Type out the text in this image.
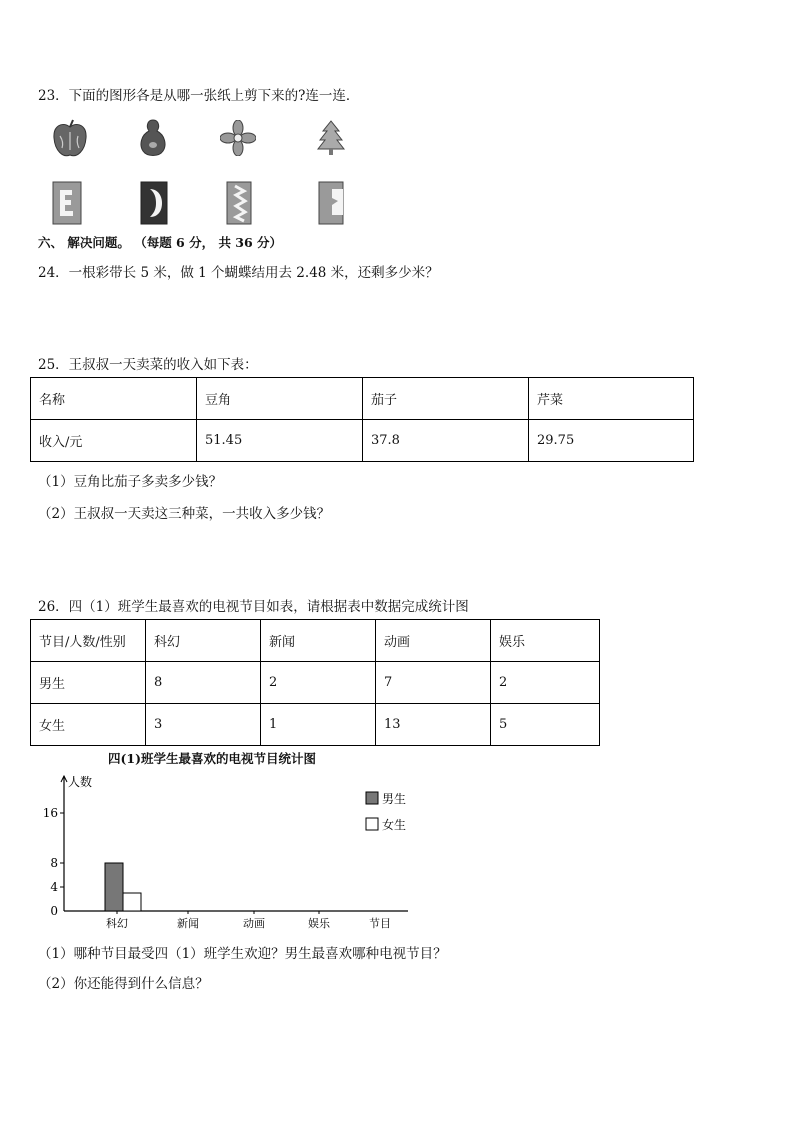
23．下面的图形各是从哪一张纸上剪下来的?连一连．
六、 解决问题。 （每题 6 分， 共 36 分）
24．一根彩带长 5 米，做 1 个蝴蝶结用去 2.48 米，还剩多少米？
25．王叔叔一天卖菜的收入如下表：
名称	豆角	茄子	芹菜
收入/元	51.45	37.8	29.75
（1）豆角比茄子多卖多少钱？
（2）王叔叔一天卖这三种菜，一共收入多少钱？
26．四（1）班学生最喜欢的电视节目如表，请根据表中数据完成统计图
节目/人数/性别	科幻	新闻	动画	娱乐
男生	8	2	7	2
女生	3	1	13	5
四(1)班学生最喜欢的电视节目统计图
人数
0
4
8
16
科幻	新闻	动画	娱乐	节目
男生
女生
（1）哪种节目最受四（1）班学生欢迎？男生最喜欢哪种电视节目？
（2）你还能得到什么信息？
